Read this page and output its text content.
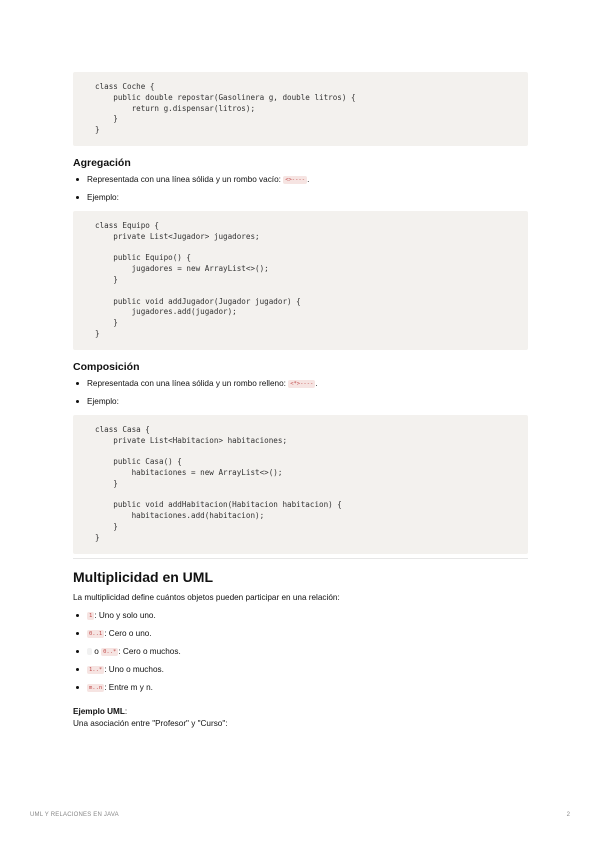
class Coche {
public double repostar(Gasolinera g, double litros) {
return g.dispensar(litros);
}
}
Agregación
Representada con una línea sólida y un rombo vacío: <>---- .
Ejemplo:
class Equipo {
private List<Jugador> jugadores;
public Equipo() {
jugadores = new ArrayList<>();
}
public void addJugador(Jugador jugador) {
jugadores.add(jugador);
}
}
Composición
Representada con una línea sólida y un rombo relleno: <*>---- .
Ejemplo:
class Casa {
private List<Habitacion> habitaciones;
public Casa() {
habitaciones = new ArrayList<>();
}
public void addHabitacion(Habitacion habitacion) {
habitaciones.add(habitacion);
}
}
Multiplicidad en UML

La multiplicidad define cuántos objetos pueden participar en una relación:

1 : Uno y solo uno.
0..1 : Cero o uno.
o 0..* : Cero o muchos.
1..* : Uno o muchos.
m..n : Entre m y n.
Ejemplo UML:
Una asociación entre "Profesor" y "Curso":
UML Y RELACIONES EN JAVA	2
